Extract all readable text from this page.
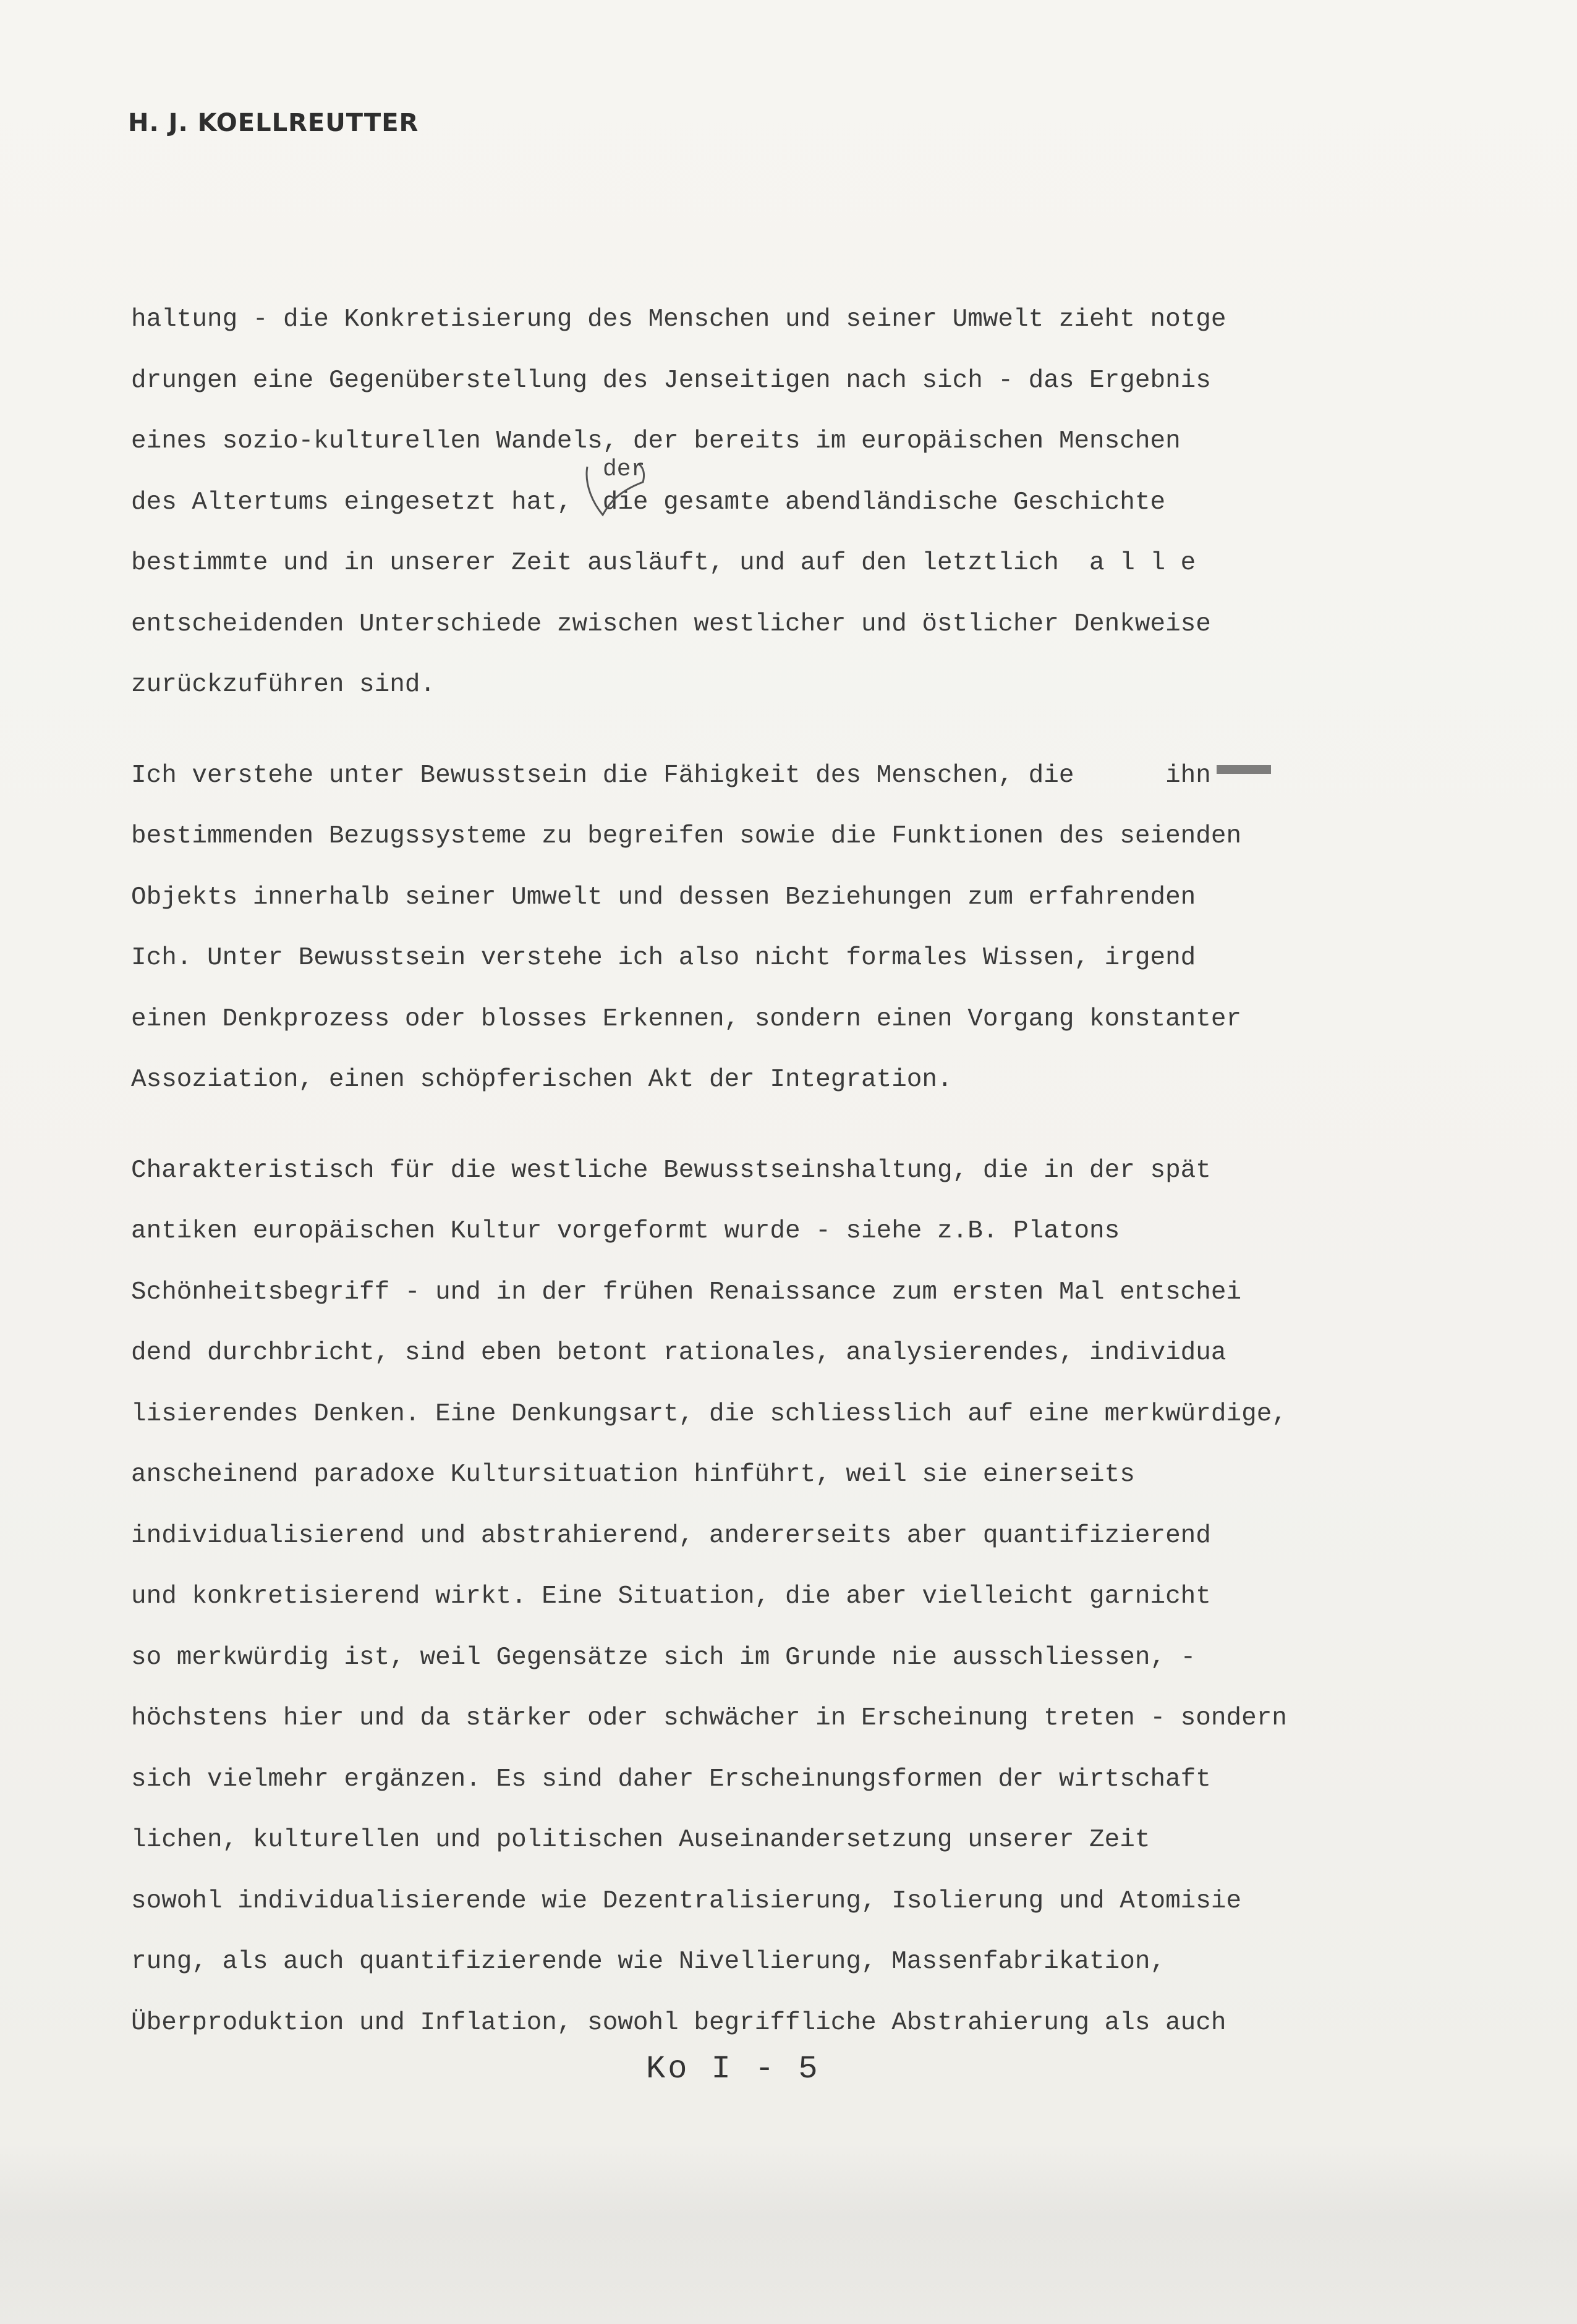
H. J. KOELLREUTTER
haltung - die Konkretisierung des Menschen und seiner Umwelt zieht notge
drungen eine Gegenüberstellung des Jenseitigen nach sich - das Ergebnis
eines sozio-kulturellen Wandels, der bereits im europäischen Menschen
des Altertums eingesetzt hat,  die gesamte abendländische Geschichte
bestimmte und in unserer Zeit ausläuft, und auf den letztlich  a l l e
entscheidenden Unterschiede zwischen westlicher und östlicher Denkweise
zurückzuführen sind.
Ich verstehe unter Bewusstsein die Fähigkeit des Menschen, die      ihn
bestimmenden Bezugssysteme zu begreifen sowie die Funktionen des seienden
Objekts innerhalb seiner Umwelt und dessen Beziehungen zum erfahrenden
Ich. Unter Bewusstsein verstehe ich also nicht formales Wissen, irgend
einen Denkprozess oder blosses Erkennen, sondern einen Vorgang konstanter
Assoziation, einen schöpferischen Akt der Integration.
Charakteristisch für die westliche Bewusstseinshaltung, die in der spät
antiken europäischen Kultur vorgeformt wurde - siehe z.B. Platons
Schönheitsbegriff - und in der frühen Renaissance zum ersten Mal entschei
dend durchbricht, sind eben betont rationales, analysierendes, individua
lisierendes Denken. Eine Denkungsart, die schliesslich auf eine merkwürdige,
anscheinend paradoxe Kultursituation hinführt, weil sie einerseits
individualisierend und abstrahierend, andererseits aber quantifizierend
und konkretisierend wirkt. Eine Situation, die aber vielleicht garnicht
so merkwürdig ist, weil Gegensätze sich im Grunde nie ausschliessen, -
höchstens hier und da stärker oder schwächer in Erscheinung treten - sondern
sich vielmehr ergänzen. Es sind daher Erscheinungsformen der wirtschaft
lichen, kulturellen und politischen Auseinandersetzung unserer Zeit
sowohl individualisierende wie Dezentralisierung, Isolierung und Atomisie
rung, als auch quantifizierende wie Nivellierung, Massenfabrikation,
Überproduktion und Inflation, sowohl begriffliche Abstrahierung als auch
der
Ko I - 5
